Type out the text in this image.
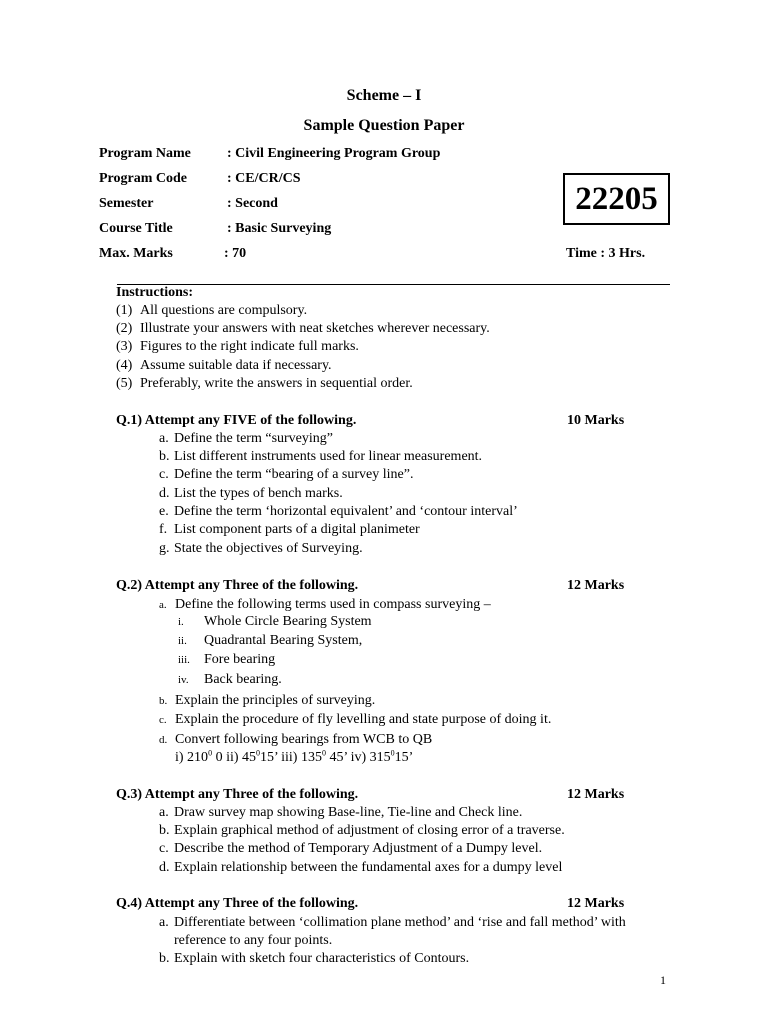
Scheme – I
Sample Question Paper
Program Name	: Civil Engineering Program Group
Program Code	: CE/CR/CS
Semester	: Second
Course Title	: Basic Surveying
Max. Marks	: 70	Time : 3 Hrs.
22205
Instructions:
(1) All questions are compulsory.
(2) Illustrate your answers with neat sketches wherever necessary.
(3) Figures to the right indicate full marks.
(4) Assume suitable data if necessary.
(5) Preferably, write the answers in sequential order.
Q.1) Attempt any FIVE of the following.	10 Marks
a. Define the term “surveying”
b. List different instruments used for linear measurement.
c. Define the term “bearing of a survey line”.
d. List the types of bench marks.
e. Define the term ‘horizontal equivalent’ and ‘contour interval’
f. List component parts of a digital planimeter
g. State the objectives of Surveying.
Q.2) Attempt any Three of the following.	12 Marks
a. Define the following terms used in compass surveying –
i. Whole Circle Bearing System
ii. Quadrantal Bearing System,
iii. Fore bearing
iv. Back bearing.
b. Explain the principles of surveying.
c. Explain the procedure of fly levelling and state purpose of doing it.
d. Convert following bearings from WCB to QB
i) $210^0$ 0 ii) $45^015$’ iii) $135^0$ 45’ iv) $315^015$’
Q.3) Attempt any Three of the following.	12 Marks
a. Draw survey map showing Base-line, Tie-line and Check line.
b. Explain graphical method of adjustment of closing error of a traverse.
c. Describe the method of Temporary Adjustment of a Dumpy level.
d. Explain relationship between the fundamental axes for a dumpy level
Q.4) Attempt any Three of the following.	12 Marks
a. Differentiate between ‘collimation plane method’ and ‘rise and fall method’ with
reference to any four points.
b. Explain with sketch four characteristics of Contours.
1
